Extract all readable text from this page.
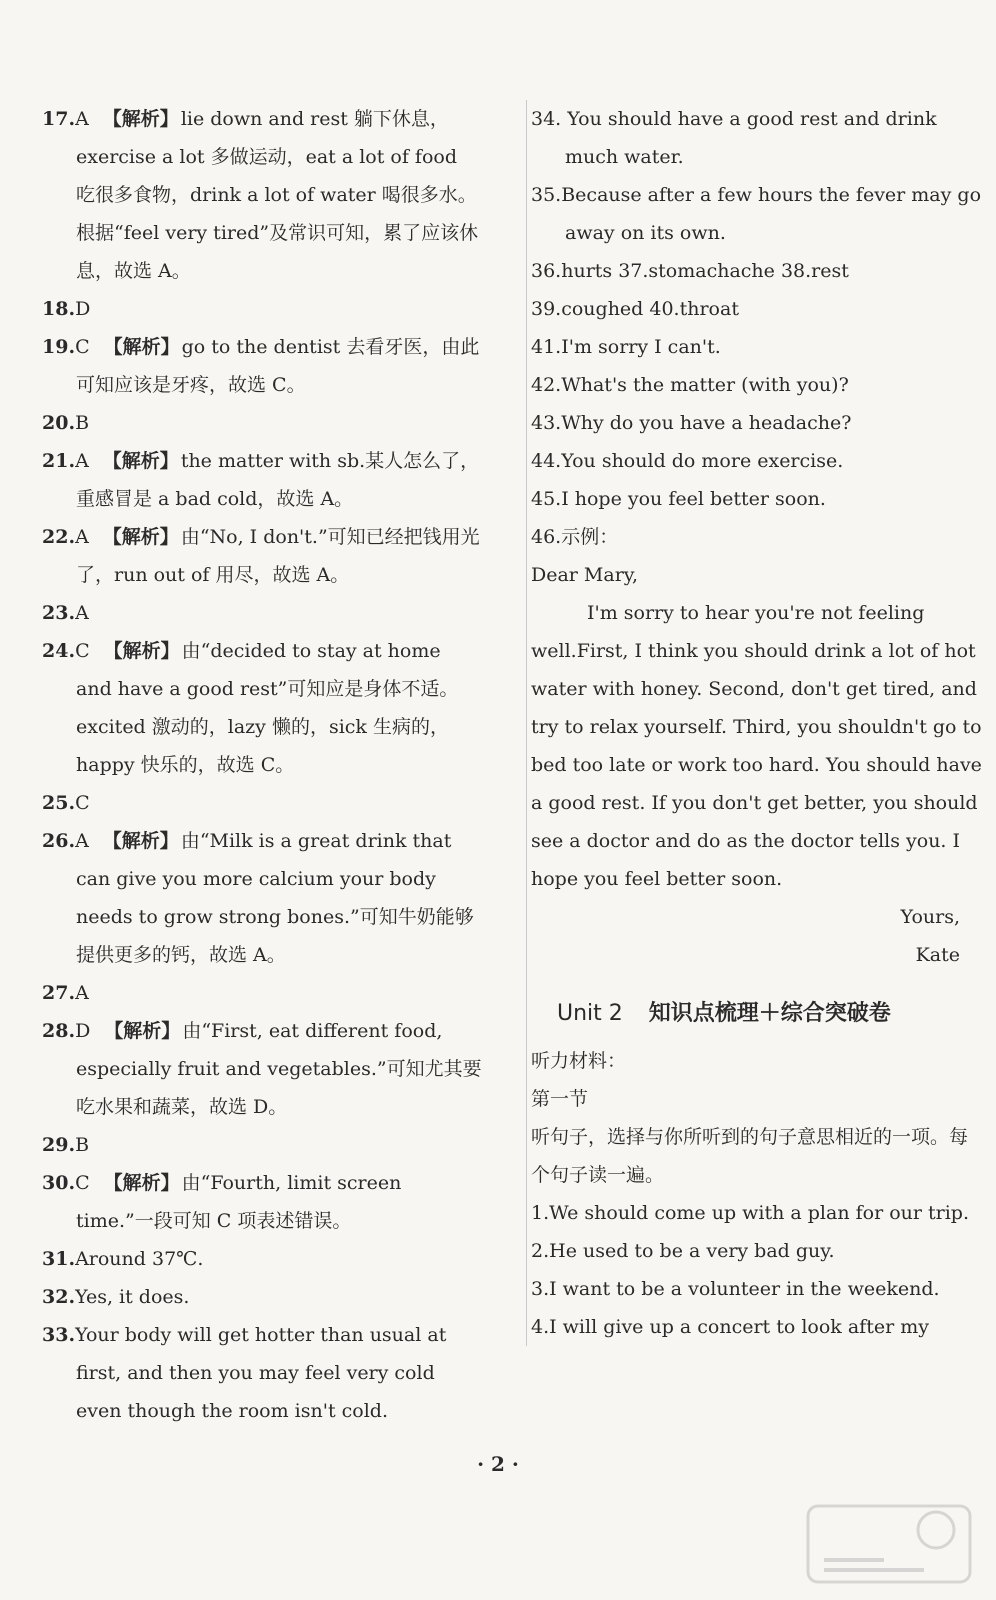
17.A 【解析】 lie down and rest 躺下休息，exercise a lot 多做运动，eat a lot of food 吃很多食物，drink a lot of water 喝很多水。根据“feel very tired”及常识可知，累了应该休息，故选 A。
18.D
19.C 【解析】 go to the dentist 去看牙医，由此可知应该是牙疼，故选 C。
20.B
21.A 【解析】 the matter with sb.某人怎么了，重感冒是 a bad cold，故选 A。
22.A 【解析】 由“No, I don't.”可知已经把钱用光了，run out of 用尽，故选 A。
23.A
24.C 【解析】 由“decided to stay at home and have a good rest”可知应是身体不适。excited 激动的，lazy 懒的，sick 生病的，happy 快乐的，故选 C。
25.C
26.A 【解析】 由“Milk is a great drink that can give you more calcium your body needs to grow strong bones.”可知牛奶能够提供更多的钙，故选 A。
27.A
28.D 【解析】 由“First, eat different food, especially fruit and vegetables.”可知尤其要吃水果和蔬菜，故选 D。
29.B
30.C 【解析】 由“Fourth, limit screen time.”一段可知 C 项表述错误。
31.Around 37℃.
32.Yes, it does.
33.Your body will get hotter than usual at first, and then you may feel very cold even though the room isn't cold.
34. You should have a good rest and drink much water.
35.Because after a few hours the fever may go away on its own.
36.hurts 37.stomachache 38.rest
39.coughed 40.throat
41.I'm sorry I can't.
42.What's the matter (with you)?
43.Why do you have a headache?
44.You should do more exercise.
45.I hope you feel better soon.
46.示例：
Dear Mary,
I'm sorry to hear you're not feeling well.First, I think you should drink a lot of hot water with honey. Second, don't get tired, and try to relax yourself. Third, you shouldn't go to bed too late or work too hard. You should have a good rest. If you don't get better, you should see a doctor and do as the doctor tells you. I hope you feel better soon.
Yours,
Kate
Unit 2 知识点梳理＋综合突破卷
听力材料：
第一节
听句子，选择与你所听到的句子意思相近的一项。每个句子读一遍。
1.We should come up with a plan for our trip.
2.He used to be a very bad guy.
3.I want to be a volunteer in the weekend.
4.I will give up a concert to look after my
· 2 ·
